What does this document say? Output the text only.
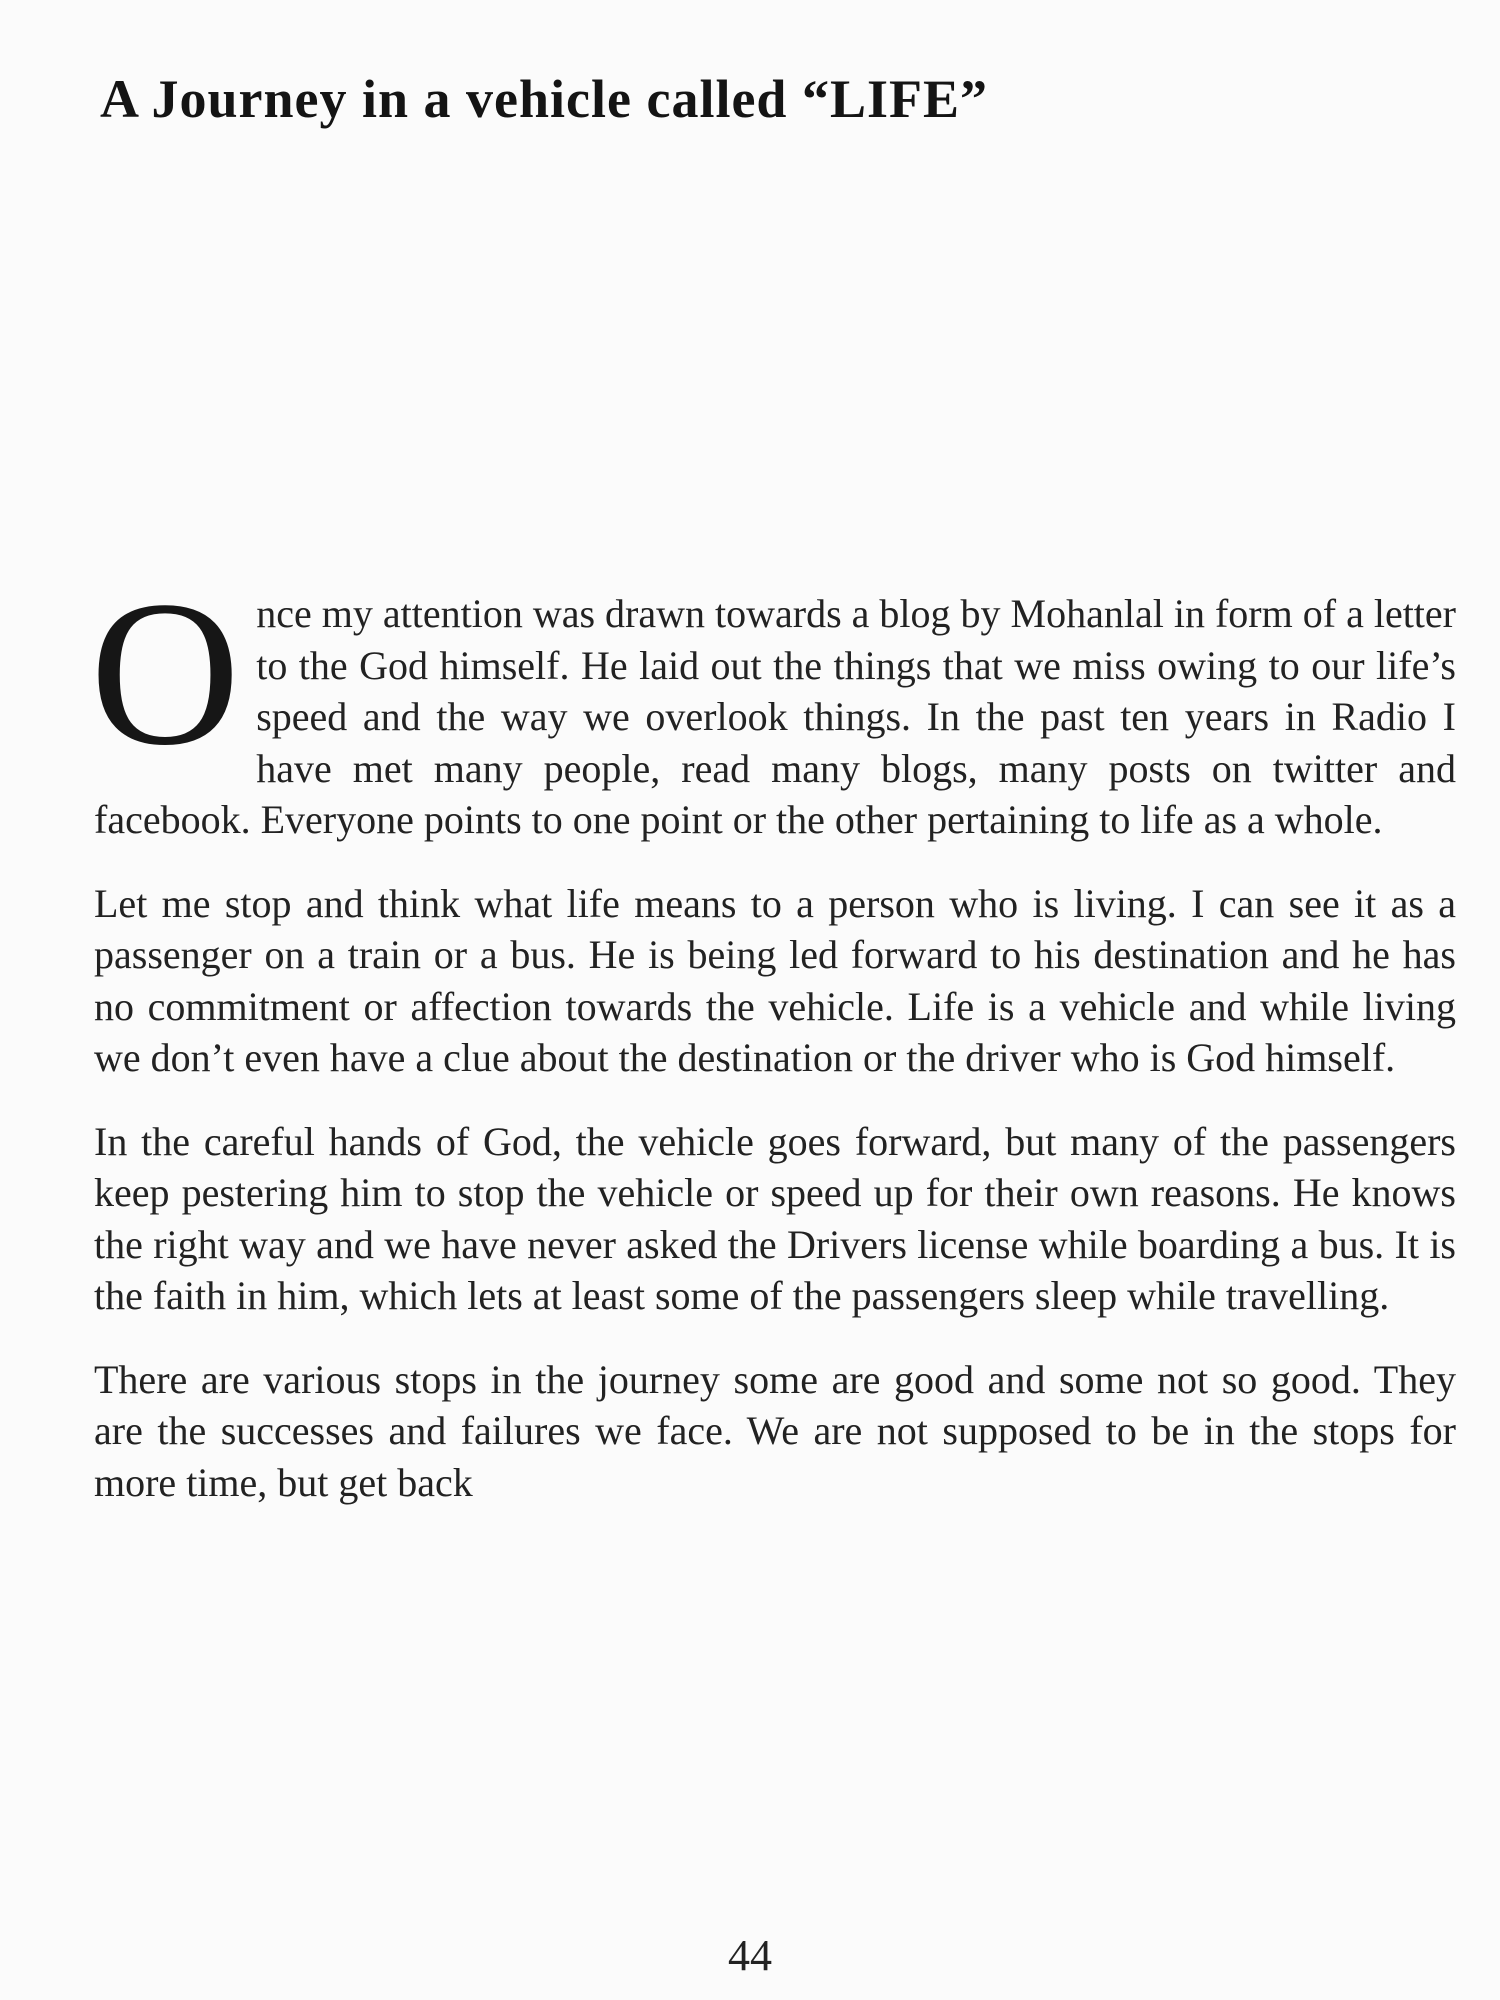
A Journey in a vehicle called “LIFE”

Once my attention was drawn towards a blog by Mohanlal in form of a letter to the God himself. He laid out the things that we miss owing to our life’s speed and the way we overlook things. In the past ten years in Radio I have met many people, read many blogs, many posts on twitter and facebook. Everyone points to one point or the other pertaining to life as a whole.

Let me stop and think what life means to a person who is living. I can see it as a passenger on a train or a bus. He is being led forward to his destination and he has no commitment or affection towards the vehicle. Life is a vehicle and while living we don’t even have a clue about the destination or the driver who is God himself.

In the careful hands of God, the vehicle goes forward, but many of the passengers keep pestering him to stop the vehicle or speed up for their own reasons. He knows the right way and we have never asked the Drivers license while boarding a bus. It is the faith in him, which lets at least some of the passengers sleep while travelling.

There are various stops in the journey some are good and some not so good. They are the successes and failures we face. We are not supposed to be in the stops for more time, but get back

44
